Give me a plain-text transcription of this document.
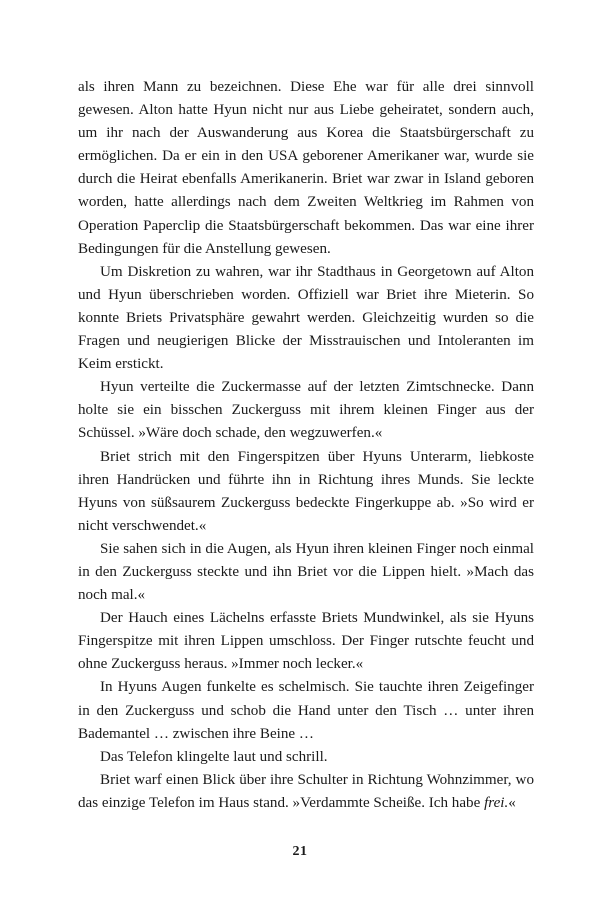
als ihren Mann zu bezeichnen. Diese Ehe war für alle drei sinnvoll gewesen. Alton hatte Hyun nicht nur aus Liebe geheiratet, sondern auch, um ihr nach der Auswanderung aus Korea die Staatsbürgerschaft zu ermöglichen. Da er ein in den USA geborener Amerikaner war, wurde sie durch die Heirat ebenfalls Amerikanerin. Briet war zwar in Island geboren worden, hatte allerdings nach dem Zweiten Weltkrieg im Rahmen von Operation Paperclip die Staatsbürgerschaft bekommen. Das war eine ihrer Bedingungen für die Anstellung gewesen.

Um Diskretion zu wahren, war ihr Stadthaus in Georgetown auf Alton und Hyun überschrieben worden. Offiziell war Briet ihre Mieterin. So konnte Briets Privatsphäre gewahrt werden. Gleichzeitig wurden so die Fragen und neugierigen Blicke der Misstrauischen und Intoleranten im Keim erstickt.

Hyun verteilte die Zuckermasse auf der letzten Zimtschnecke. Dann holte sie ein bisschen Zuckerguss mit ihrem kleinen Finger aus der Schüssel. »Wäre doch schade, den wegzuwerfen.«

Briet strich mit den Fingerspitzen über Hyuns Unterarm, liebkoste ihren Handrücken und führte ihn in Richtung ihres Munds. Sie leckte Hyuns von süßsaurem Zuckerguss bedeckte Fingerkuppe ab. »So wird er nicht verschwendet.«

Sie sahen sich in die Augen, als Hyun ihren kleinen Finger noch einmal in den Zuckerguss steckte und ihn Briet vor die Lippen hielt. »Mach das noch mal.«

Der Hauch eines Lächelns erfasste Briets Mundwinkel, als sie Hyuns Fingerspitze mit ihren Lippen umschloss. Der Finger rutschte feucht und ohne Zuckerguss heraus. »Immer noch lecker.«

In Hyuns Augen funkelte es schelmisch. Sie tauchte ihren Zeigefinger in den Zuckerguss und schob die Hand unter den Tisch … unter ihren Bademantel … zwischen ihre Beine …

Das Telefon klingelte laut und schrill.

Briet warf einen Blick über ihre Schulter in Richtung Wohnzimmer, wo das einzige Telefon im Haus stand. »Verdammte Scheiße. Ich habe frei.«

21
